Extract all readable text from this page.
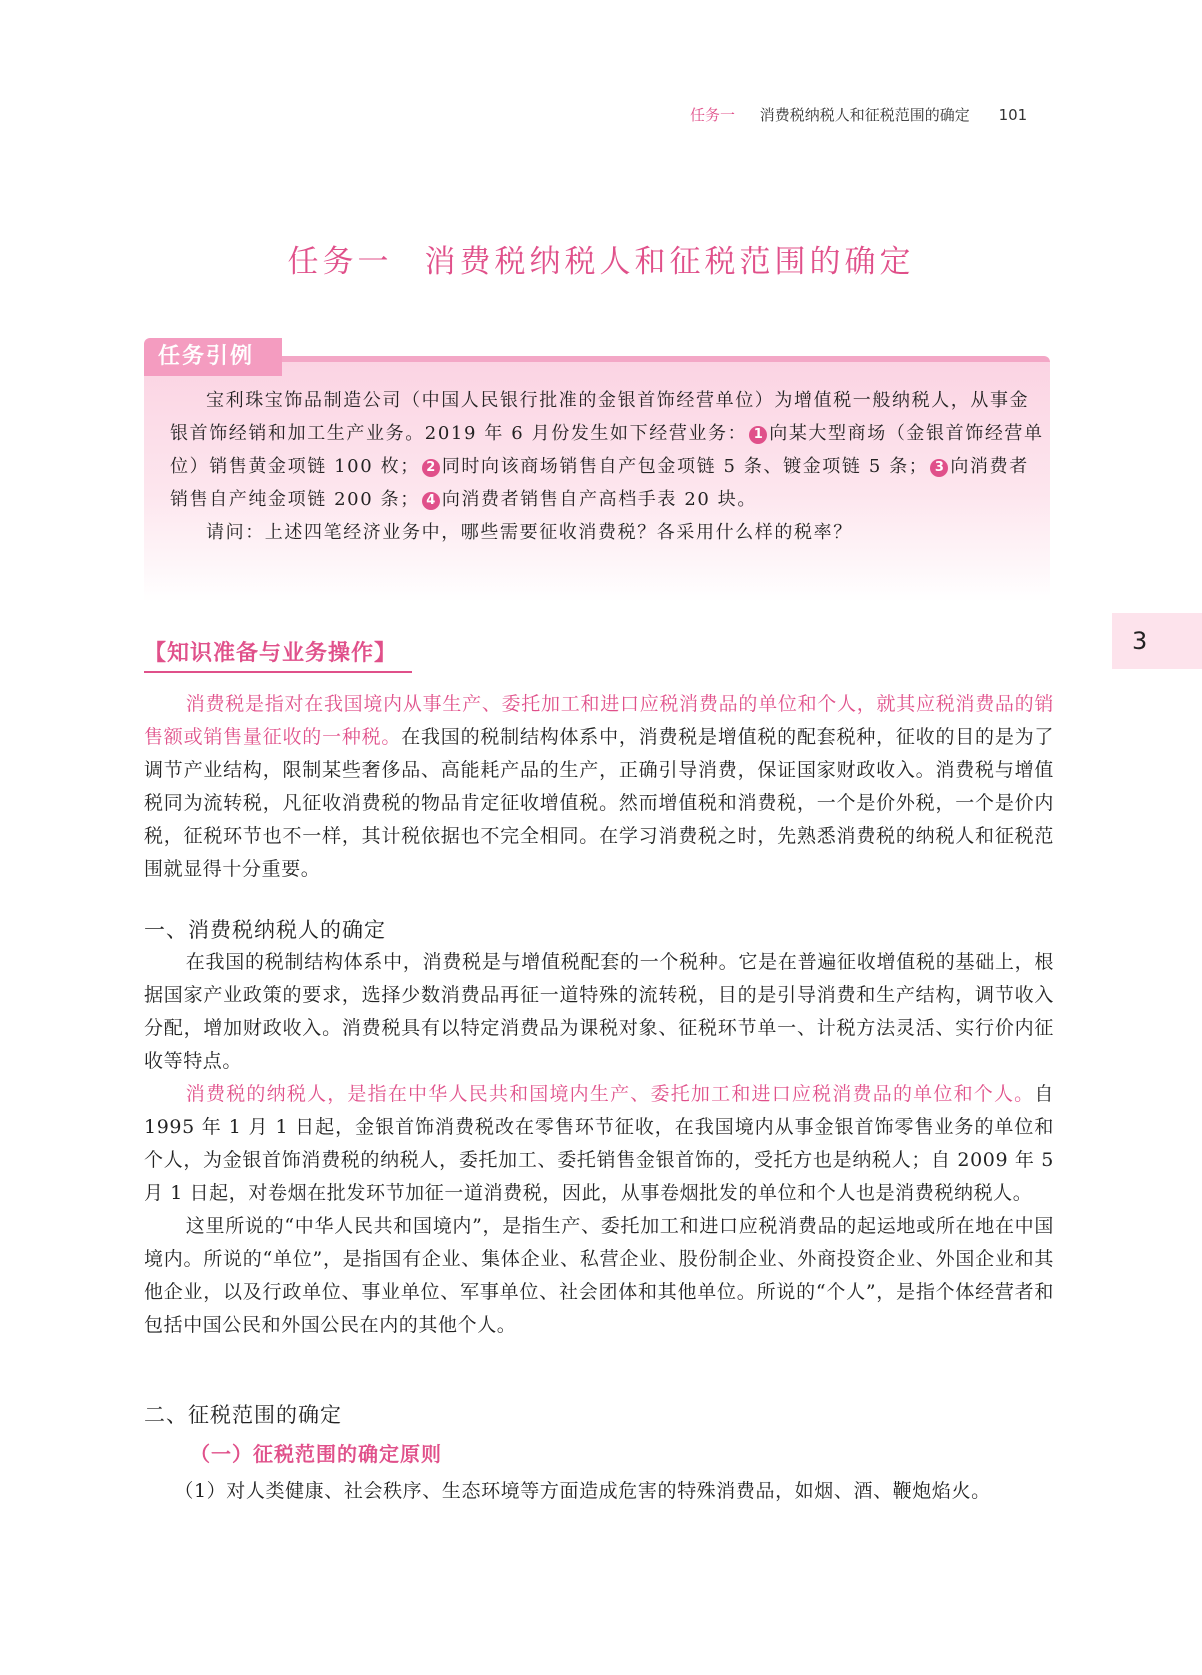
任务一 消费税纳税人和征税范围的确定 101
任务一 消费税纳税人和征税范围的确定
任务引例

宝利珠宝饰品制造公司（中国人民银行批准的金银首饰经营单位）为增值税一般纳税人，从事金银首饰经销和加工生产业务。2019 年 6 月份发生如下经营业务： 1 向某大型商场（金银首饰经营单位）销售黄金项链 100 枚； 2 同时向该商场销售自产包金项链 5 条、镀金项链 5 条； 3 向消费者销售自产纯金项链 200 条； 4 向消费者销售自产高档手表 20 块。

请问：上述四笔经济业务中，哪些需要征收消费税？各采用什么样的税率？

3
【知识准备与业务操作】

消费税是指对在我国境内从事生产、委托加工和进口应税消费品的单位和个人，就其应税消费品的销售额或销售量征收的一种税。在我国的税制结构体系中，消费税是增值税的配套税种，征收的目的是为了调节产业结构，限制某些奢侈品、高能耗产品的生产，正确引导消费，保证国家财政收入。消费税与增值税同为流转税，凡征收消费税的物品肯定征收增值税。然而增值税和消费税，一个是价外税，一个是价内税，征税环节也不一样，其计税依据也不完全相同。在学习消费税之时，先熟悉消费税的纳税人和征税范围就显得十分重要。

一、消费税纳税人的确定

在我国的税制结构体系中，消费税是与增值税配套的一个税种。它是在普遍征收增值税的基础上，根据国家产业政策的要求，选择少数消费品再征一道特殊的流转税，目的是引导消费和生产结构，调节收入分配，增加财政收入。消费税具有以特定消费品为课税对象、征税环节单一、计税方法灵活、实行价内征收等特点。

消费税的纳税人，是指在中华人民共和国境内生产、委托加工和进口应税消费品的单位和个人。自 1995 年 1 月 1 日起，金银首饰消费税改在零售环节征收，在我国境内从事金银首饰零售业务的单位和个人，为金银首饰消费税的纳税人，委托加工、委托销售金银首饰的，受托方也是纳税人；自 2009 年 5 月 1 日起，对卷烟在批发环节加征一道消费税，因此，从事卷烟批发的单位和个人也是消费税纳税人。

这里所说的“中华人民共和国境内”，是指生产、委托加工和进口应税消费品的起运地或所在地在中国境内。所说的“单位”，是指国有企业、集体企业、私营企业、股份制企业、外商投资企业、外国企业和其他企业，以及行政单位、事业单位、军事单位、社会团体和其他单位。所说的“个人”，是指个体经营者和包括中国公民和外国公民在内的其他个人。

二、征税范围的确定
（一）征税范围的确定原则

（1）对人类健康、社会秩序、生态环境等方面造成危害的特殊消费品，如烟、酒、鞭炮焰火。
